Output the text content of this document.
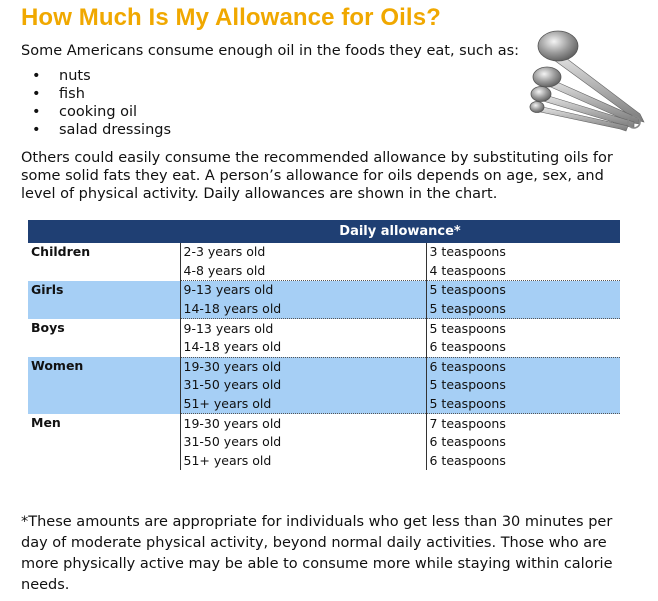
How Much Is My Allowance for Oils?

Some Americans consume enough oil in the foods they eat, such as:

• nuts
• fish
• cooking oil
• salad dressings

Others could easily consume the recommended allowance by substituting oils for some solid fats they eat. A person’s allowance for oils depends on age, sex, and level of physical activity. Daily allowances are shown in the chart.

	Daily allowance*	
Children	2-3 years old	3 teaspoons
	4-8 years old	4 teaspoons
Girls	9-13 years old	5 teaspoons
	14-18 years old	5 teaspoons
Boys	9-13 years old	5 teaspoons
	14-18 years old	6 teaspoons
Women	19-30 years old	6 teaspoons
	31-50 years old	5 teaspoons
	51+ years old	5 teaspoons
Men	19-30 years old	7 teaspoons
	31-50 years old	6 teaspoons
	51+ years old	6 teaspoons

*These amounts are appropriate for individuals who get less than 30 minutes per day of moderate physical activity, beyond normal daily activities. Those who are more physically active may be able to consume more while staying within calorie needs.
